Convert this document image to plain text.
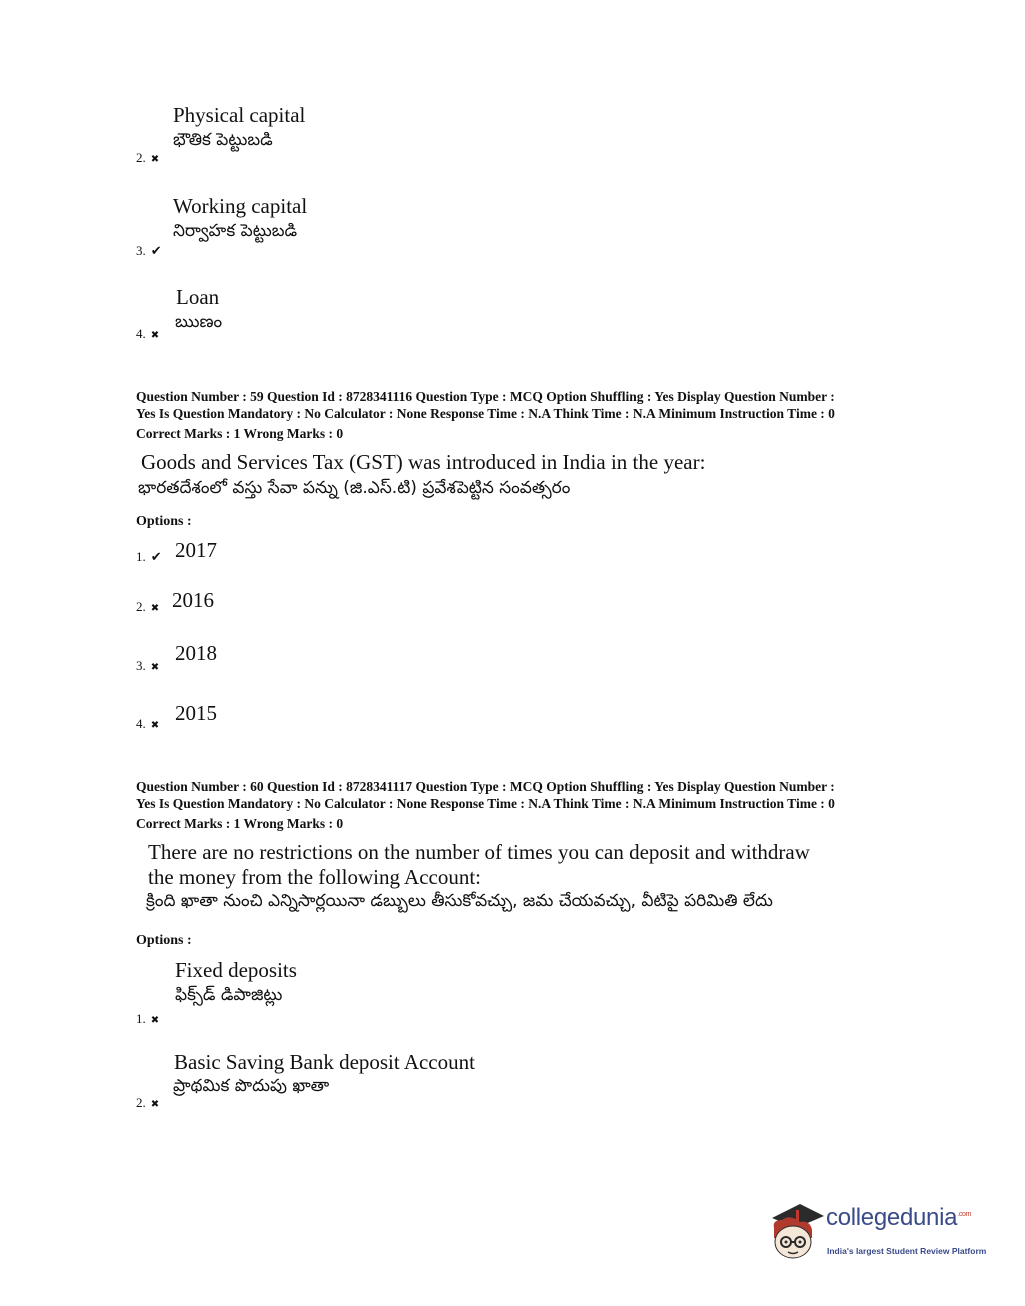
Physical capital
భౌతిక పెట్టుబడి
2. ✖
Working capital
నిర్వాహక పెట్టుబడి
3. ✔
Loan
ఋణం
4. ✖
Question Number : 59 Question Id : 8728341116 Question Type : MCQ Option Shuffling : Yes Display Question Number :
Yes Is Question Mandatory : No Calculator : None Response Time : N.A Think Time : N.A Minimum Instruction Time : 0
Correct Marks : 1 Wrong Marks : 0
Goods and Services Tax (GST) was introduced in India in the year:
భారతదేశంలో వస్తు సేవా పన్ను (జి.ఎస్.టి) ప్రవేశపెట్టిన సంవత్సరం
Options :
1. ✔ 2017
2. ✖ 2016
3. ✖
2018
4. ✖
2015
Question Number : 60 Question Id : 8728341117 Question Type : MCQ Option Shuffling : Yes Display Question Number :
Yes Is Question Mandatory : No Calculator : None Response Time : N.A Think Time : N.A Minimum Instruction Time : 0
Correct Marks : 1 Wrong Marks : 0
There are no restrictions on the number of times you can deposit and withdraw
the money from the following Account:
క్రింది ఖాతా నుంచి ఎన్నిసార్లయినా డబ్బులు తీసుకోవచ్చు, జమ చేయవచ్చు, వీటిపై పరిమితి లేదు
Options :
Fixed deposits
ఫిక్స్‌డ్ డిపాజిట్లు
1. ✖
Basic Saving Bank deposit Account
ప్రాథమిక పొదుపు ఖాతా
2. ✖
collegedunia$^{.com}$
India's largest Student Review Platform
